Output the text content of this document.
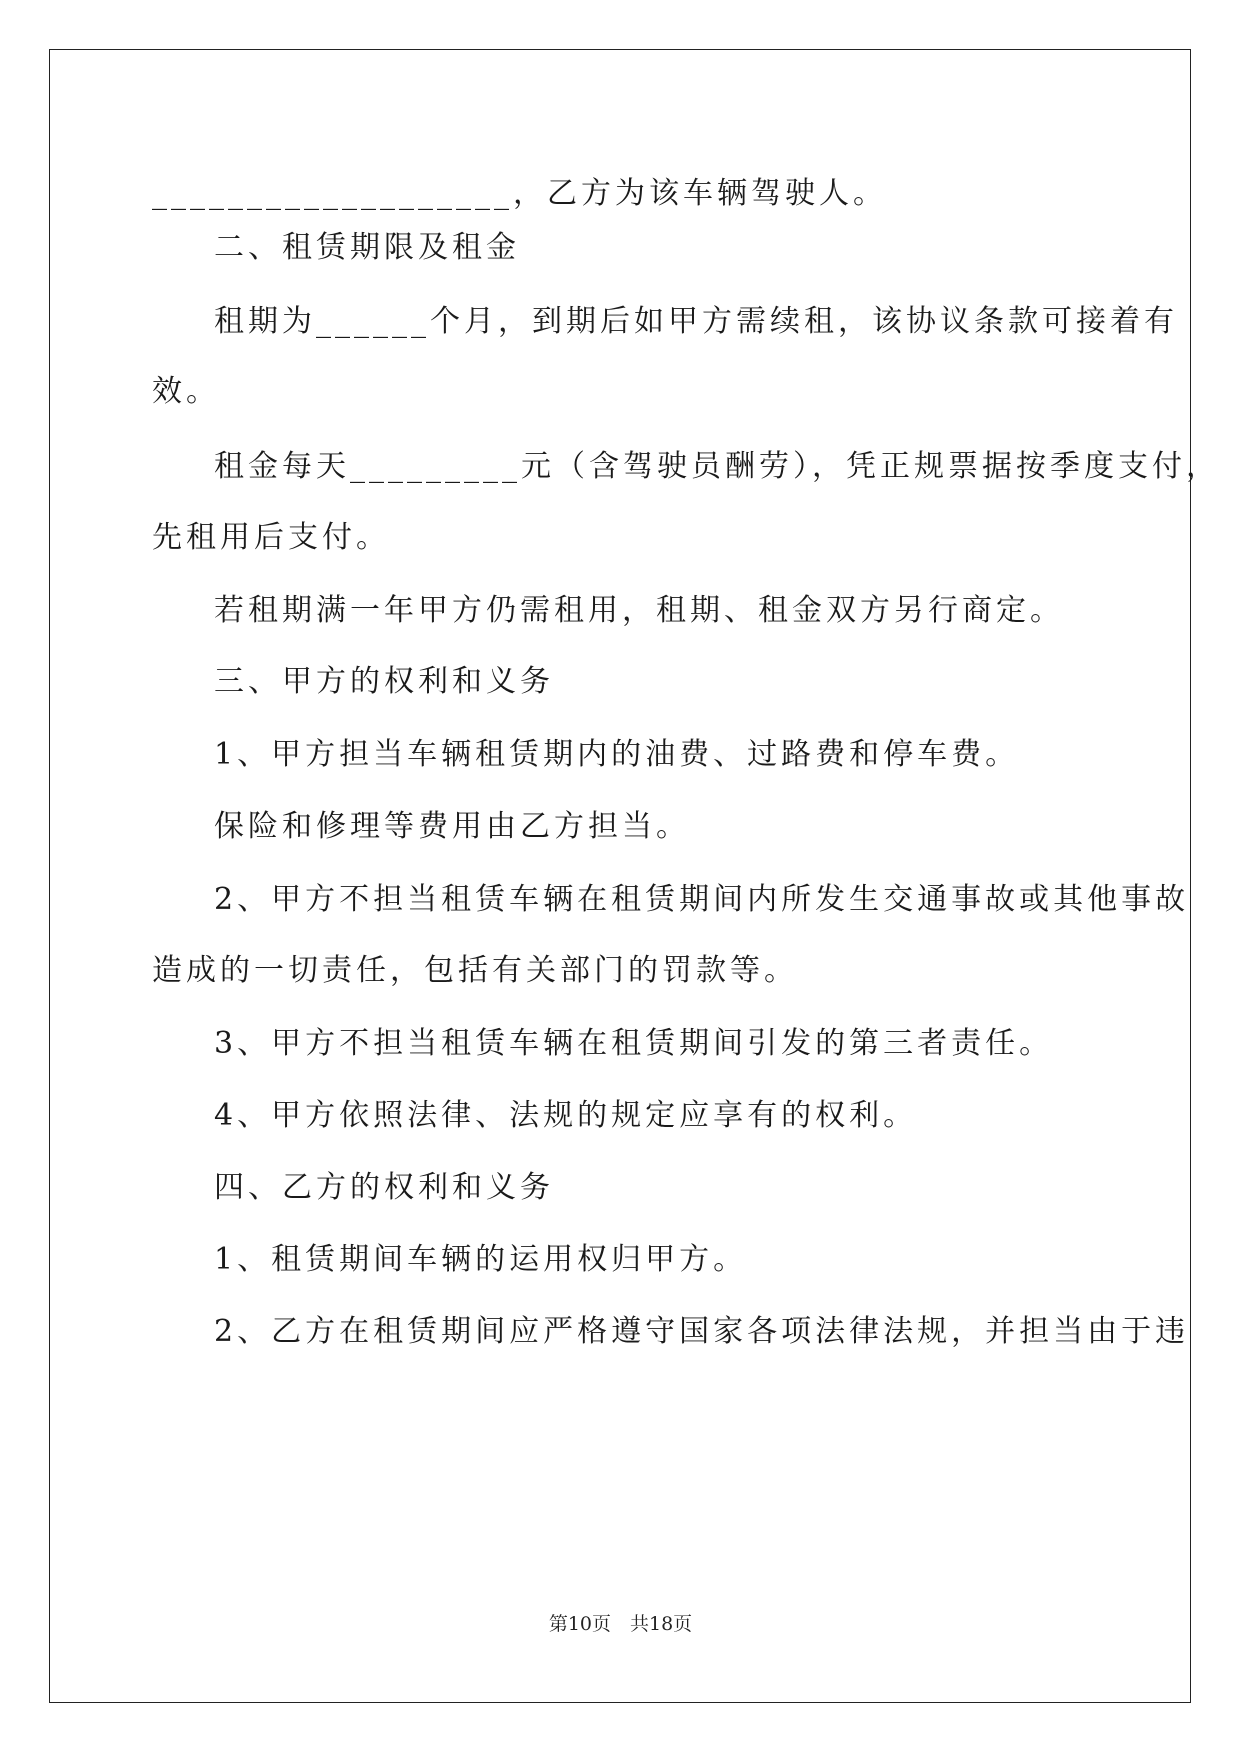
___________________，乙方为该车辆驾驶人。
二、租赁期限及租金
租期为______个月，到期后如甲方需续租，该协议条款可接着有
效。
租金每天_________元（含驾驶员酬劳），凭正规票据按季度支付，
先租用后支付。
若租期满一年甲方仍需租用，租期、租金双方另行商定。
三、甲方的权利和义务
1、甲方担当车辆租赁期内的油费、过路费和停车费。
保险和修理等费用由乙方担当。
2、甲方不担当租赁车辆在租赁期间内所发生交通事故或其他事故
造成的一切责任，包括有关部门的罚款等。
3、甲方不担当租赁车辆在租赁期间引发的第三者责任。
4、甲方依照法律、法规的规定应享有的权利。
四、乙方的权利和义务
1、租赁期间车辆的运用权归甲方。
2、乙方在租赁期间应严格遵守国家各项法律法规，并担当由于违
第10页　共18页
